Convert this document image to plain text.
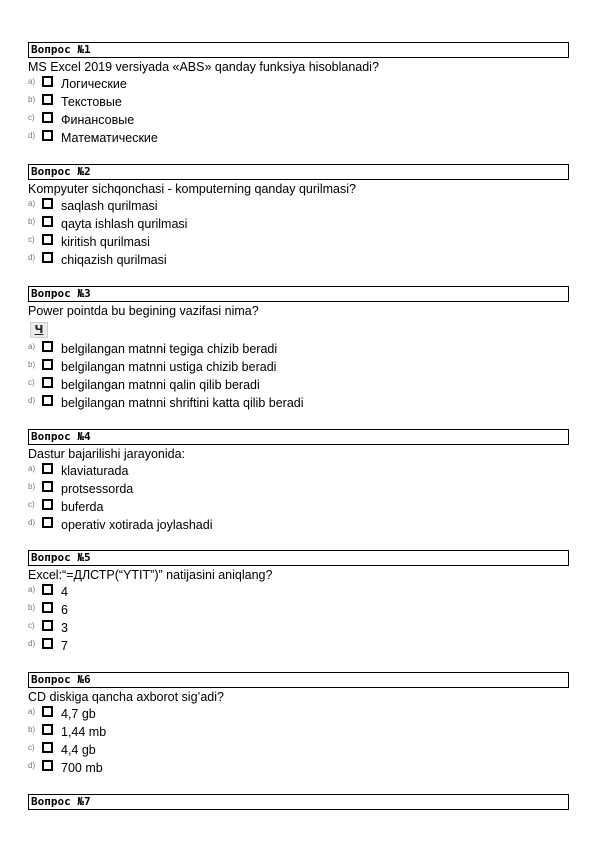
Вопрос №1
MS Excel 2019 versiyada «ABS» qanday funksiya hisoblanadi?
a) Логические
b) Текстовые
c) Финансовые
d) Математические
Вопрос №2
Kompyuter sichqonchasi - komputerning qanday qurilmasi?
a) saqlash qurilmasi
b) qayta ishlash qurilmasi
c) kiritish qurilmasi
d) chiqazish qurilmasi
Вопрос №3
Power pointda bu begining vazifasi nima?
Ч
a) belgilangan matnni tegiga chizib beradi
b) belgilangan matnni ustiga chizib beradi
c) belgilangan matnni qalin qilib beradi
d) belgilangan matnni shriftini katta qilib beradi
Вопрос №4
Dastur bajarilishi jarayonida:
a) klaviaturada
b) protsessorda
c) buferda
d) operativ xotirada joylashadi
Вопрос №5
Excel:“=ДЛСТР(“YTIT”)” natijasini aniqlang?
a) 4
b) 6
c) 3
d) 7
Вопрос №6
CD diskiga qancha axborot sig’adi?
a) 4,7 gb
b) 1,44 mb
c) 4,4 gb
d) 700 mb
Вопрос №7
